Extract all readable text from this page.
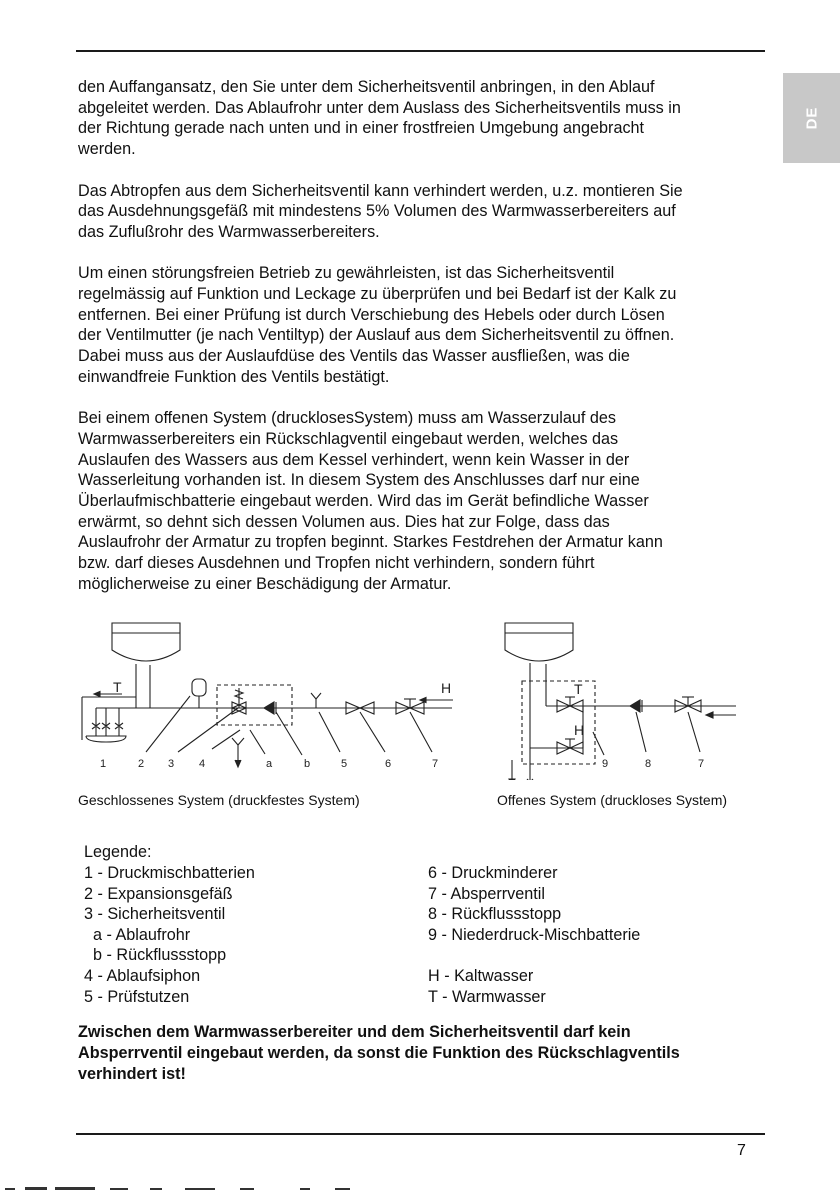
DE

den Auffangansatz, den Sie unter dem Sicherheitsventil anbringen, in den Ablauf
abgeleitet werden. Das Ablaufrohr unter dem Auslass des Sicherheitsventils muss in
der Richtung gerade nach unten und in einer frostfreien Umgebung angebracht
werden.

Das Abtropfen aus dem Sicherheitsventil kann verhindert werden, u.z. montieren Sie
das Ausdehnungsgefäß mit mindestens 5% Volumen des Warmwasserbereiters auf
das Zuflußrohr des Warmwasserbereiters.

Um einen störungsfreien Betrieb zu gewährleisten, ist das Sicherheitsventil
regelmässig auf Funktion und Leckage zu überprüfen und bei Bedarf ist der Kalk zu
entfernen. Bei einer Prüfung ist durch Verschiebung des Hebels oder durch Lösen
der Ventilmutter (je nach Ventiltyp) der Auslauf aus dem Sicherheitsventil zu öffnen.
Dabei muss aus der Auslaufdüse des Ventils das Wasser ausfließen, was die
einwandfreie Funktion des Ventils bestätigt.

Bei einem offenen System (drucklosesSystem) muss am Wasserzulauf des
Warmwasserbereiters ein Rückschlagventil eingebaut werden, welches das
Auslaufen des Wassers aus dem Kessel verhindert, wenn kein Wasser in der
Wasserleitung vorhanden ist. In diesem System des Anschlusses darf nur eine
Überlaufmischbatterie eingebaut werden. Wird das im Gerät befindliche Wasser
erwärmt, so dehnt sich dessen Volumen aus. Dies hat zur Folge, dass das
Auslaufrohr der Armatur zu tropfen beginnt. Starkes Festdrehen der Armatur kann
bzw. darf dieses Ausdehnen und Tropfen nicht verhindern, sondern führt
möglicherweise zu einer Beschädigung der Armatur.

1	2 3 4	a	b	5	6	7
T	H
9	8	7
T
H
Geschlossenes System (druckfestes System)	Offenes System (druckloses System)
Legende:
1 - Druckmischbatterien
2 - Expansionsgefäß
3 - Sicherheitsventil
a - Ablaufrohr
b - Rückflussstopp
4 - Ablaufsiphon
5 - Prüfstutzen
6 - Druckminderer
7 - Absperrventil
8 - Rückflussstopp
9 - Niederdruck-Mischbatterie
H - Kaltwasser
T - Warmwasser
Zwischen dem Warmwasserbereiter und dem Sicherheitsventil darf kein
Absperrventil eingebaut werden, da sonst die Funktion des Rückschlagventils
verhindert ist!
7
